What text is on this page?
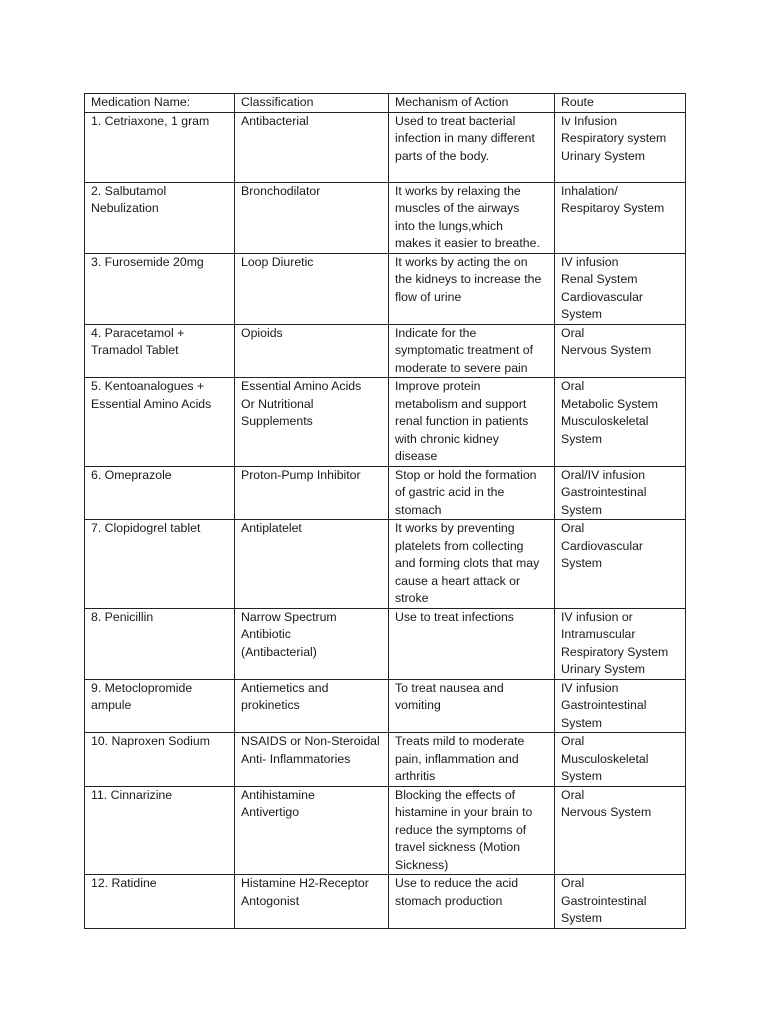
Medication Name:	Classification	Mechanism of Action	Route
1. Cetriaxone, 1 gram	Antibacterial	Used to treat bacterial
infection in many different
parts of the body.	Iv Infusion
Respiratory system
Urinary System
2. Salbutamol
Nebulization	Bronchodilator	It works by relaxing the
muscles of the airways
into the lungs,which
makes it easier to breathe.	Inhalation/
Respitaroy System
3. Furosemide 20mg	Loop Diuretic	It works by acting the on
the kidneys to increase the
flow of urine	IV infusion
Renal System
Cardiovascular
System
4. Paracetamol +
Tramadol Tablet	Opioids	Indicate for the
symptomatic treatment of
moderate to severe pain	Oral
Nervous System
5. Kentoanalogues +
Essential Amino Acids	Essential Amino Acids
Or Nutritional
Supplements	Improve protein
metabolism and support
renal function in patients
with chronic kidney
disease	Oral
Metabolic System
Musculoskeletal
System
6. Omeprazole	Proton-Pump Inhibitor	Stop or hold the formation
of gastric acid in the
stomach	Oral/IV infusion
Gastrointestinal
System
7. Clopidogrel tablet	Antiplatelet	It works by preventing
platelets from collecting
and forming clots that may
cause a heart attack or
stroke	Oral
Cardiovascular
System
8. Penicillin	Narrow Spectrum
Antibiotic
(Antibacterial)	Use to treat infections	IV infusion or
Intramuscular
Respiratory System
Urinary System
9. Metoclopromide
ampule	Antiemetics and
prokinetics	To treat nausea and
vomiting	IV infusion
Gastrointestinal
System
10. Naproxen Sodium	NSAIDS or Non-Steroidal
Anti- Inflammatories	Treats mild to moderate
pain, inflammation and
arthritis	Oral
Musculoskeletal
System
11. Cinnarizine	Antihistamine
Antivertigo	Blocking the effects of
histamine in your brain to
reduce the symptoms of
travel sickness (Motion
Sickness)	Oral
Nervous System
12. Ratidine	Histamine H2-Receptor
Antogonist	Use to reduce the acid
stomach production	Oral
Gastrointestinal
System
